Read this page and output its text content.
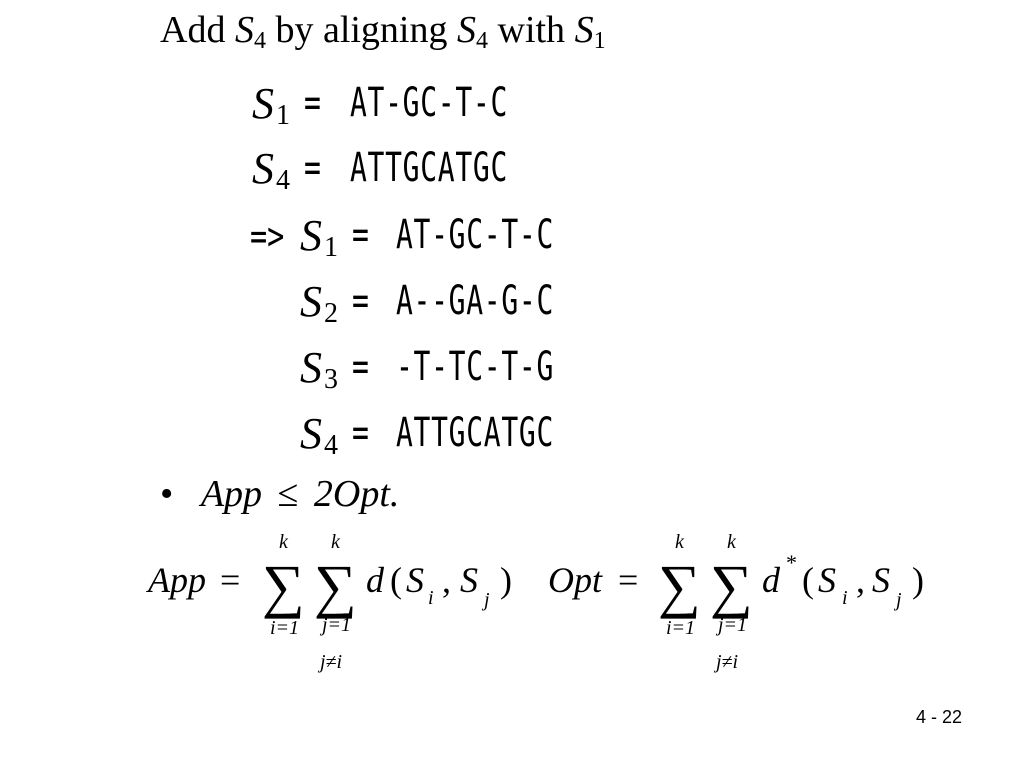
Add $S_4$ by aligning $S_4$ with $S_1$
S 1 = AT-GC-T-C
S 4 = ATTGCATGC
=> S 1 = AT-GC-T-C
S 2 = A--GA-G-C
S 3 = -T-TC-T-G
S 4 = ATTGCATGC
• App ≤ 2Opt.
App = ∑
k
i=1
∑
k
j=1
j≠i
d ( S i , S j ) Opt = ∑
k
i=1
∑
k
j=1
j≠i
d * ( S i , S j )
4 - 22
